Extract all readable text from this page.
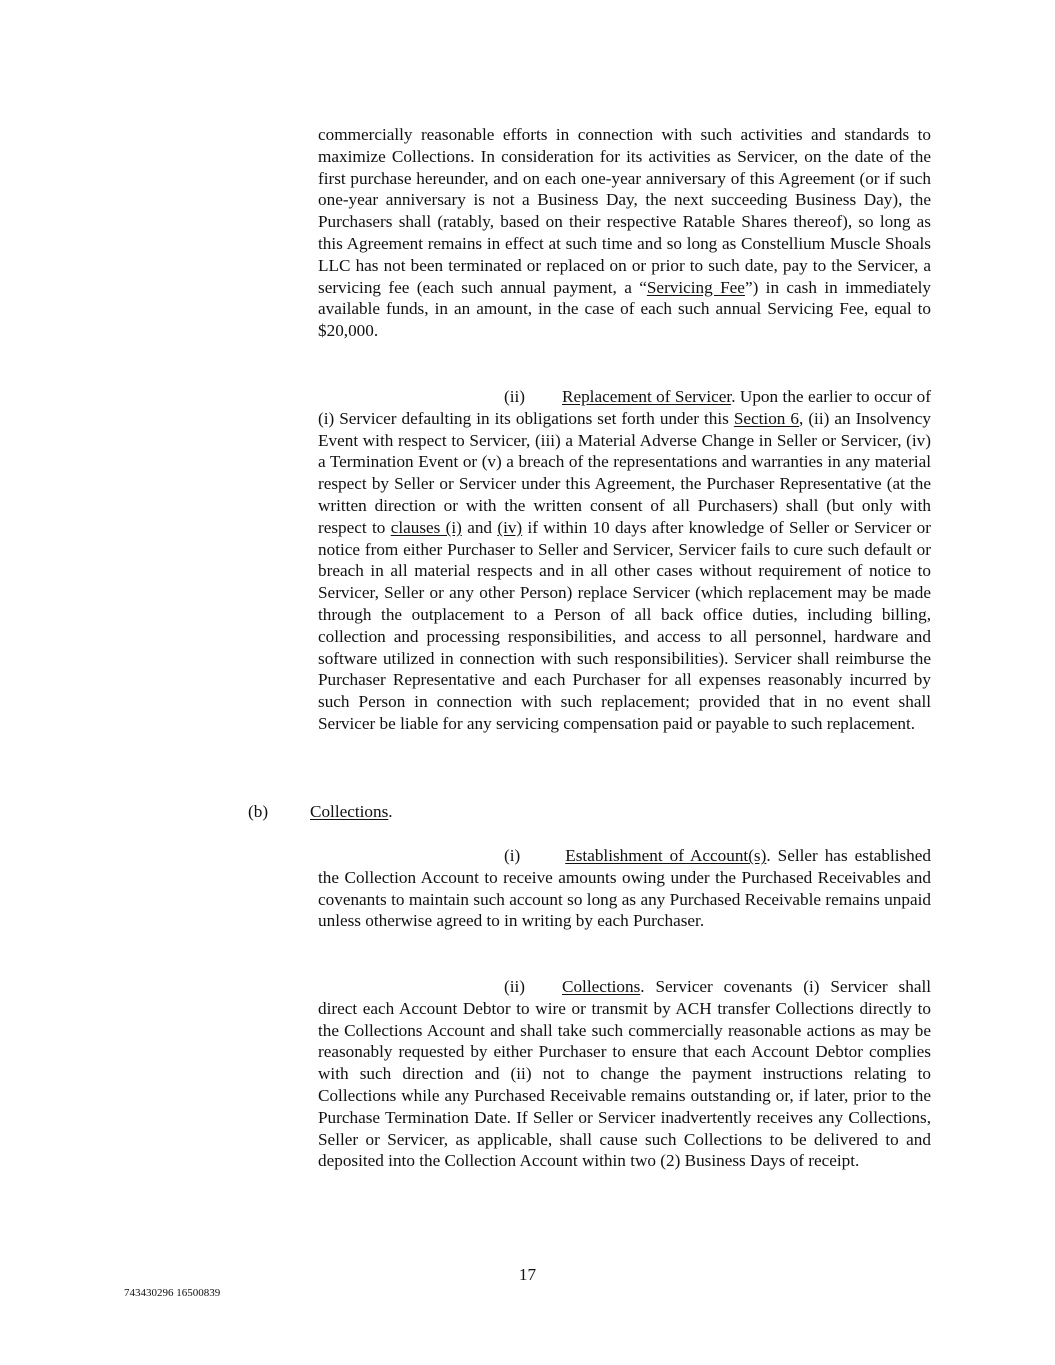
commercially reasonable efforts in connection with such activities and standards to maximize Collections. In consideration for its activities as Servicer, on the date of the first purchase hereunder, and on each one-year anniversary of this Agreement (or if such one-year anniversary is not a Business Day, the next succeeding Business Day), the Purchasers shall (ratably, based on their respective Ratable Shares thereof), so long as this Agreement remains in effect at such time and so long as Constellium Muscle Shoals LLC has not been terminated or replaced on or prior to such date, pay to the Servicer, a servicing fee (each such annual payment, a “Servicing Fee”) in cash in immediately available funds, in an amount, in the case of each such annual Servicing Fee, equal to $20,000.

(ii) Replacement of Servicer. Upon the earlier to occur of (i) Servicer defaulting in its obligations set forth under this Section 6, (ii) an Insolvency Event with respect to Servicer, (iii) a Material Adverse Change in Seller or Servicer, (iv) a Termination Event or (v) a breach of the representations and warranties in any material respect by Seller or Servicer under this Agreement, the Purchaser Representative (at the written direction or with the written consent of all Purchasers) shall (but only with respect to clauses (i) and (iv) if within 10 days after knowledge of Seller or Servicer or notice from either Purchaser to Seller and Servicer, Servicer fails to cure such default or breach in all material respects and in all other cases without requirement of notice to Servicer, Seller or any other Person) replace Servicer (which replacement may be made through the outplacement to a Person of all back office duties, including billing, collection and processing responsibilities, and access to all personnel, hardware and software utilized in connection with such responsibilities). Servicer shall reimburse the Purchaser Representative and each Purchaser for all expenses reasonably incurred by such Person in connection with such replacement; provided that in no event shall Servicer be liable for any servicing compensation paid or payable to such replacement.

(b) Collections.

(i)	Establishment of Account(s). Seller has established the Collection Account to receive amounts owing under the Purchased Receivables and covenants to maintain such account so long as any Purchased Receivable remains unpaid unless otherwise agreed to in writing by each Purchaser.

(ii) Collections. Servicer covenants (i) Servicer shall direct each Account Debtor to wire or transmit by ACH transfer Collections directly to the Collections Account and shall take such commercially reasonable actions as may be reasonably requested by either Purchaser to ensure that each Account Debtor complies with such direction and (ii) not to change the payment instructions relating to Collections while any Purchased Receivable remains outstanding or, if later, prior to the Purchase Termination Date. If Seller or Servicer inadvertently receives any Collections, Seller or Servicer, as applicable, shall cause such Collections to be delivered to and deposited into the Collection Account within two (2) Business Days of receipt.

17
743430296 16500839
